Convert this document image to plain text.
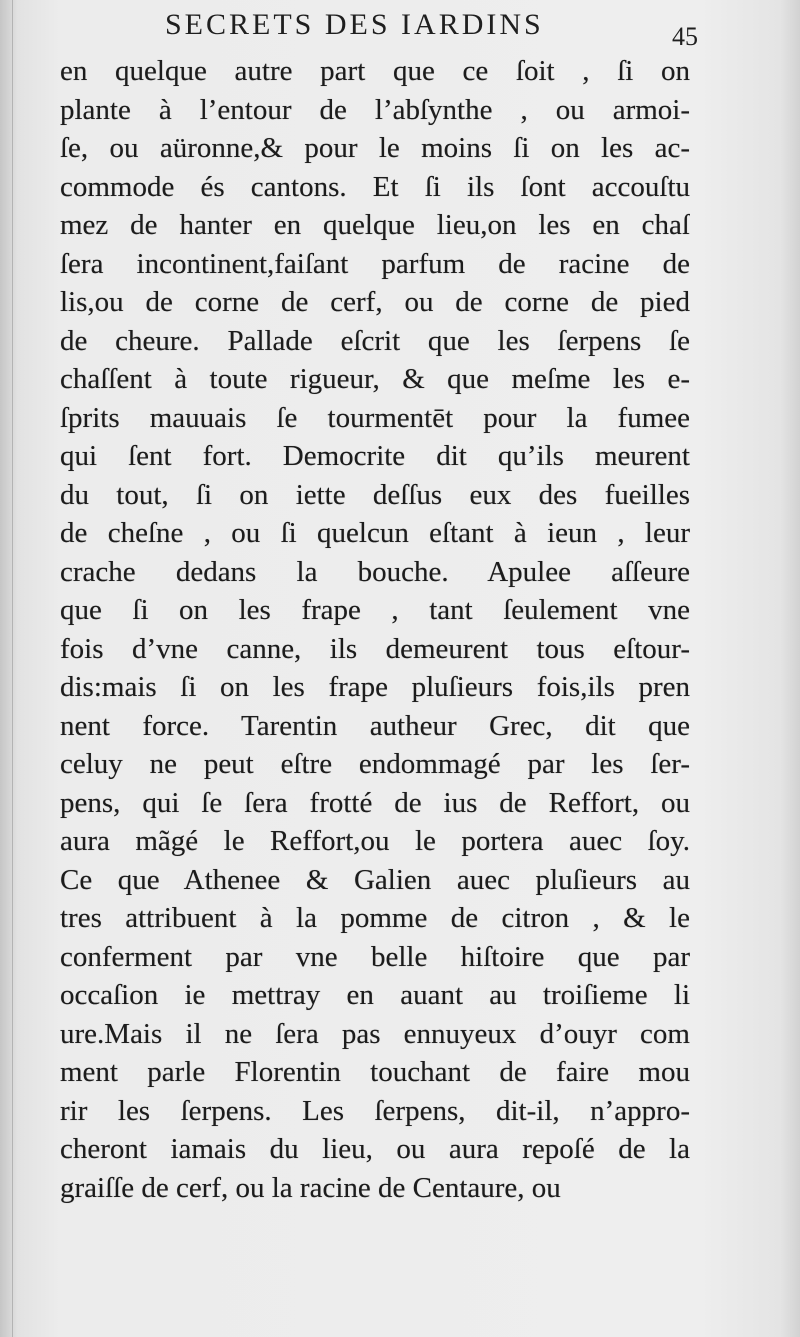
SECRETS DES IARDINS	45
en quelque autre part que ce ſoit , ſi on
plante à l’entour de l’abſynthe , ou armoi-
ſe, ou aüronne,& pour le moins ſi on les ac-
commode és cantons. Et ſi ils ſont accouſtu
mez de hanter en quelque lieu,on les en chaſ
ſera incontinent,faiſant parfum de racine de
lis,ou de corne de cerf, ou de corne de pied
de cheure. Pallade eſcrit que les ſerpens ſe
chaſſent à toute rigueur, & que meſme les e-
ſprits mauuais ſe tourmentēt pour la fumee
qui ſent fort. Democrite dit qu’ils meurent
du tout, ſi on iette deſſus eux des fueilles
de cheſne , ou ſi quelcun eſtant à ieun , leur
crache dedans la bouche. Apulee aſſeure
que ſi on les frape , tant ſeulement vne
fois d’vne canne, ils demeurent tous eſtour-
dis:mais ſi on les frape pluſieurs fois,ils pren
nent force. Tarentin autheur Grec, dit que
celuy ne peut eſtre endommagé par les ſer-
pens, qui ſe ſera frotté de ius de Reffort, ou
aura mãgé le Reffort,ou le portera auec ſoy.
Ce que Athenee & Galien auec pluſieurs au
tres attribuent à la pomme de citron , & le
conferment par vne belle hiſtoire que par
occaſion ie mettray en auant au troiſieme li
ure.Mais il ne ſera pas ennuyeux d’ouyr com
ment parle Florentin touchant de faire mou
rir les ſerpens. Les ſerpens, dit-il, n’appro-
cheront iamais du lieu, ou aura repoſé de la
graiſſe de cerf, ou la racine de Centaure, ou
